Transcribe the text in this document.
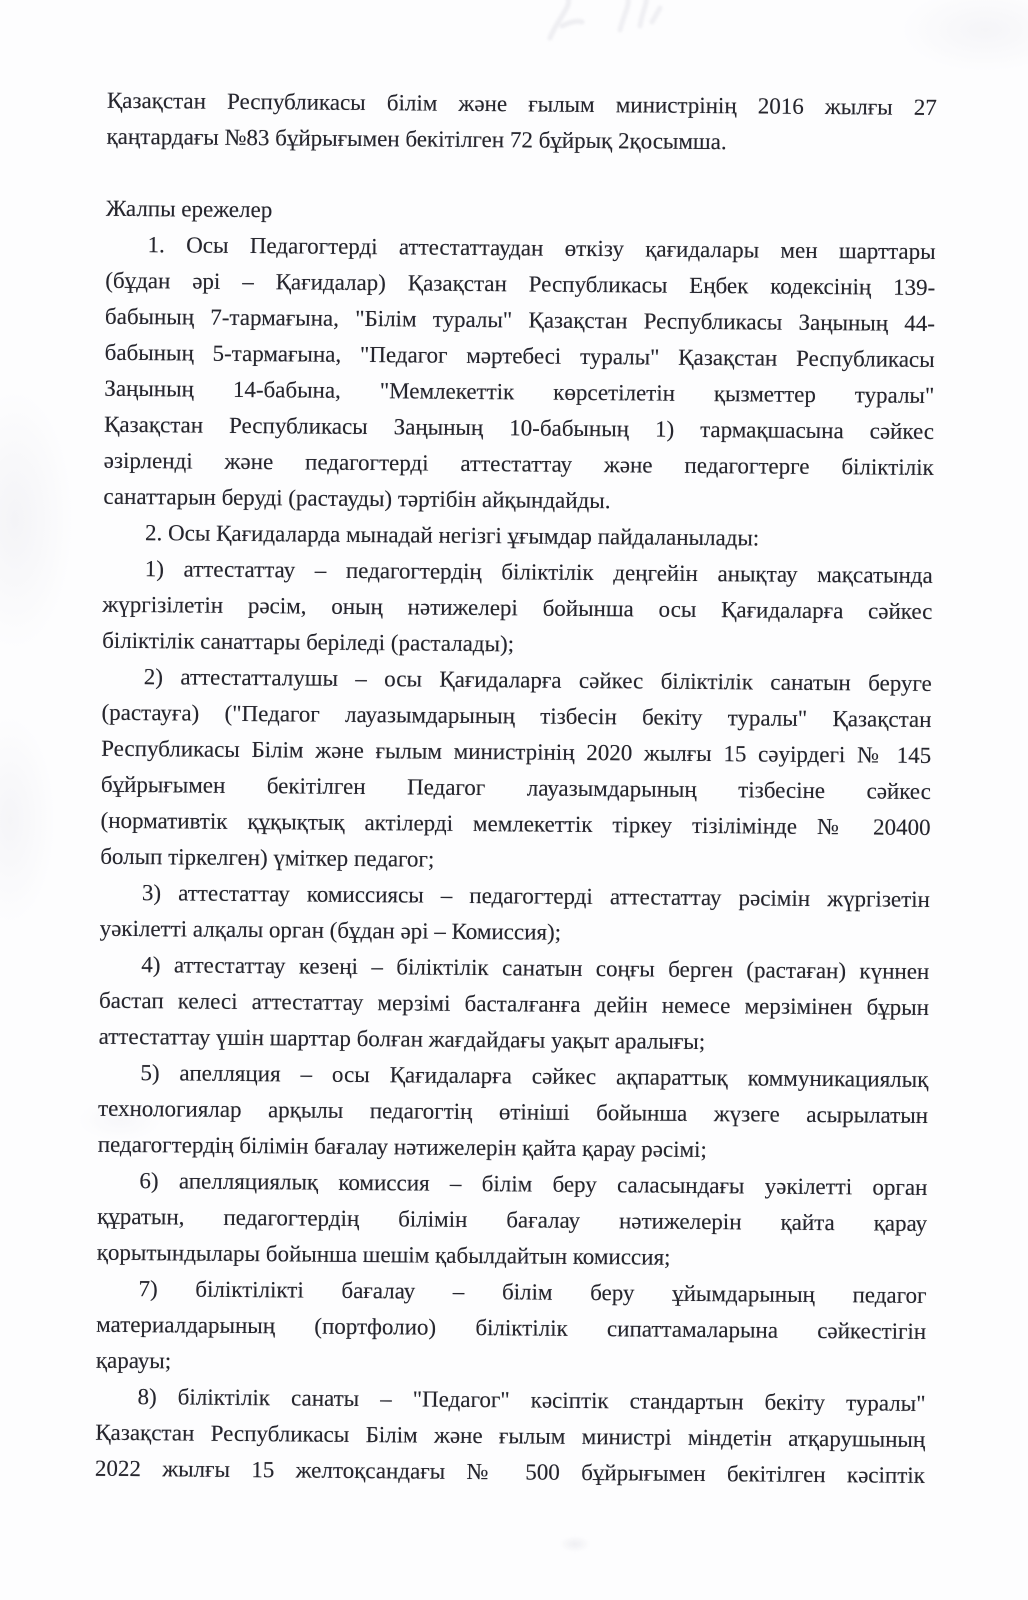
Қазақстан Республикасы білім және ғылым министрінің 2016 жылғы 27
қаңтардағы №83 бұйрығымен бекітілген 72 бұйрық 2қосымша.
Жалпы ережелер
1. Осы Педагогтерді аттестаттаудан өткізу қағидалары мен шарттары
(бұдан әрі – Қағидалар) Қазақстан Республикасы Еңбек кодексінің 139-
бабының 7-тармағына, "Білім туралы" Қазақстан Республикасы Заңының 44-
бабының 5-тармағына, "Педагог мәртебесі туралы" Қазақстан Республикасы
Заңының 14-бабына, "Мемлекеттік көрсетілетін қызметтер туралы"
Қазақстан Республикасы Заңының 10-бабының 1) тармақшасына сәйкес
әзірленді және педагогтерді аттестаттау және педагогтерге біліктілік
санаттарын беруді (растауды) тәртібін айқындайды.
2. Осы Қағидаларда мынадай негізгі ұғымдар пайдаланылады:
1) аттестаттау – педагогтердің біліктілік деңгейін анықтау мақсатында
жүргізілетін рәсім, оның нәтижелері бойынша осы Қағидаларға сәйкес
біліктілік санаттары беріледі (расталады);
2) аттестатталушы – осы Қағидаларға сәйкес біліктілік санатын беруге
(растауға) ("Педагог лауазымдарының тізбесін бекіту туралы" Қазақстан
Республикасы Білім және ғылым министрінің 2020 жылғы 15 сәуірдегі № 145
бұйрығымен бекітілген Педагог лауазымдарының тізбесіне сәйкес
(нормативтік құқықтық актілерді мемлекеттік тіркеу тізілімінде № 20400
болып тіркелген) үміткер педагог;
3) аттестаттау комиссиясы – педагогтерді аттестаттау рәсімін жүргізетін
уәкілетті алқалы орган (бұдан әрі – Комиссия);
4) аттестаттау кезеңі – біліктілік санатын соңғы берген (растаған) күннен
бастап келесі аттестаттау мерзімі басталғанға дейін немесе мерзімінен бұрын
аттестаттау үшін шарттар болған жағдайдағы уақыт аралығы;
5) апелляция – осы Қағидаларға сәйкес ақпараттық коммуникациялық
технологиялар арқылы педагогтің өтініші бойынша жүзеге асырылатын
педагогтердің білімін бағалау нәтижелерін қайта қарау рәсімі;
6) апелляциялық комиссия – білім беру саласындағы уәкілетті орган
құратын, педагогтердің білімін бағалау нәтижелерін қайта қарау
қорытындылары бойынша шешім қабылдайтын комиссия;
7) біліктілікті бағалау – білім беру ұйымдарының педагог
материалдарының (портфолио) біліктілік сипаттамаларына сәйкестігін
қарауы;
8) біліктілік санаты – "Педагог" кәсіптік стандартын бекіту туралы"
Қазақстан Республикасы Білім және ғылым министрі міндетін атқарушының
2022 жылғы 15 желтоқсандағы № 500 бұйрығымен бекітілген кәсіптік
